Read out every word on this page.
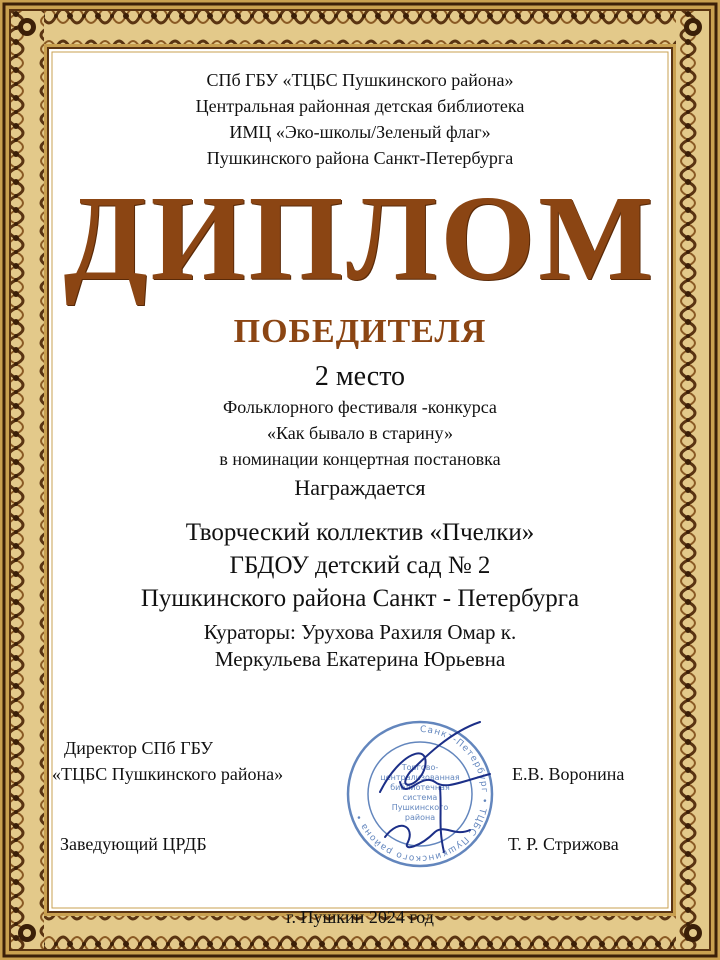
СПб ГБУ «ТЦБС Пушкинского района»
Центральная районная детская библиотека
ИМЦ «Эко-школы/Зеленый флаг»
Пушкинского района Санкт-Петербурга
ДИПЛОМ
ПОБЕДИТЕЛЯ
2 место
Фольклорного фестиваля -конкурса
«Как бывало в старину»
в номинации концертная постановка
Награждается
Творческий коллектив «Пчелки»
ГБДОУ детский сад № 2
Пушкинского района Санкт - Петербурга
Кураторы: Урухова Рахиля Омар к.
Меркульева Екатерина Юрьевна
Директор СПб ГБУ
«ТЦБС Пушкинского района»	Е.В. Воронина
Заведующий ЦРДБ	Т. Р. Стрижова
Санкт-Петербург • ТЦБС Пушкинского района •
Торгово-
централизованная
библиотечная
система
Пушкинского
района
г. Пушкин 2024 год
